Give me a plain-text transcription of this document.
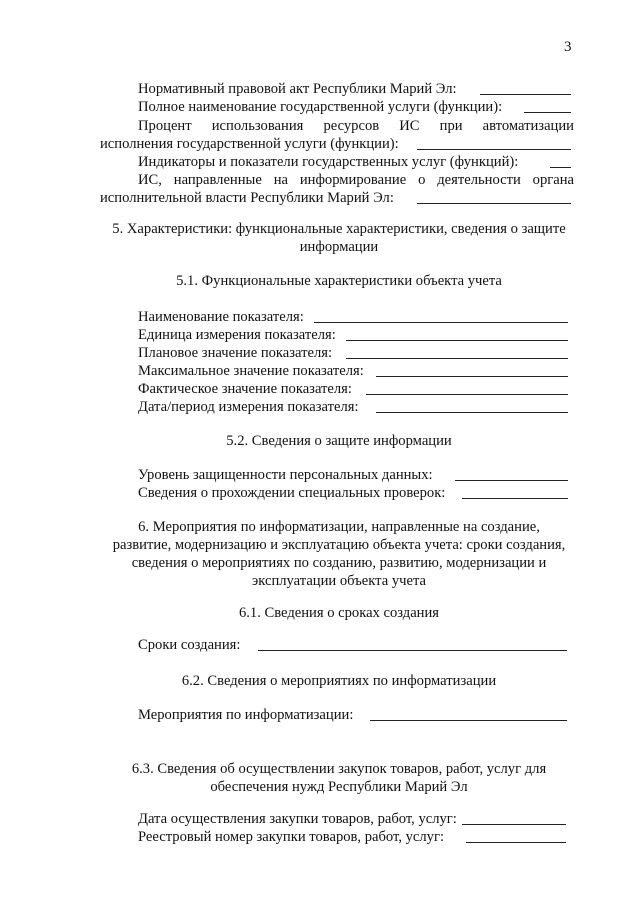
3
Нормативный правовой акт Республики Марий Эл:
Полное наименование государственной услуги (функции):
Процент использования ресурсов ИС при автоматизации
исполнения государственной услуги (функции):
Индикаторы и показатели государственных услуг (функций):
ИС, направленные на информирование о деятельности органа
исполнительной власти Республики Марий Эл:
5. Характеристики: функциональные характеристики, сведения о защите
информации
5.1. Функциональные характеристики объекта учета
Наименование показателя:
Единица измерения показателя:
Плановое значение показателя:
Максимальное значение показателя:
Фактическое значение показателя:
Дата/период измерения показателя:
5.2. Сведения о защите информации
Уровень защищенности персональных данных:
Сведения о прохождении специальных проверок:
6. Мероприятия по информатизации, направленные на создание,
развитие, модернизацию и эксплуатацию объекта учета: сроки создания,
сведения о мероприятиях по созданию, развитию, модернизации и
эксплуатации объекта учета
6.1. Сведения о сроках создания
Сроки создания:
6.2. Сведения о мероприятиях по информатизации
Мероприятия по информатизации:
6.3. Сведения об осуществлении закупок товаров, работ, услуг для
обеспечения нужд Республики Марий Эл
Дата осуществления закупки товаров, работ, услуг:
Реестровый номер закупки товаров, работ, услуг:
